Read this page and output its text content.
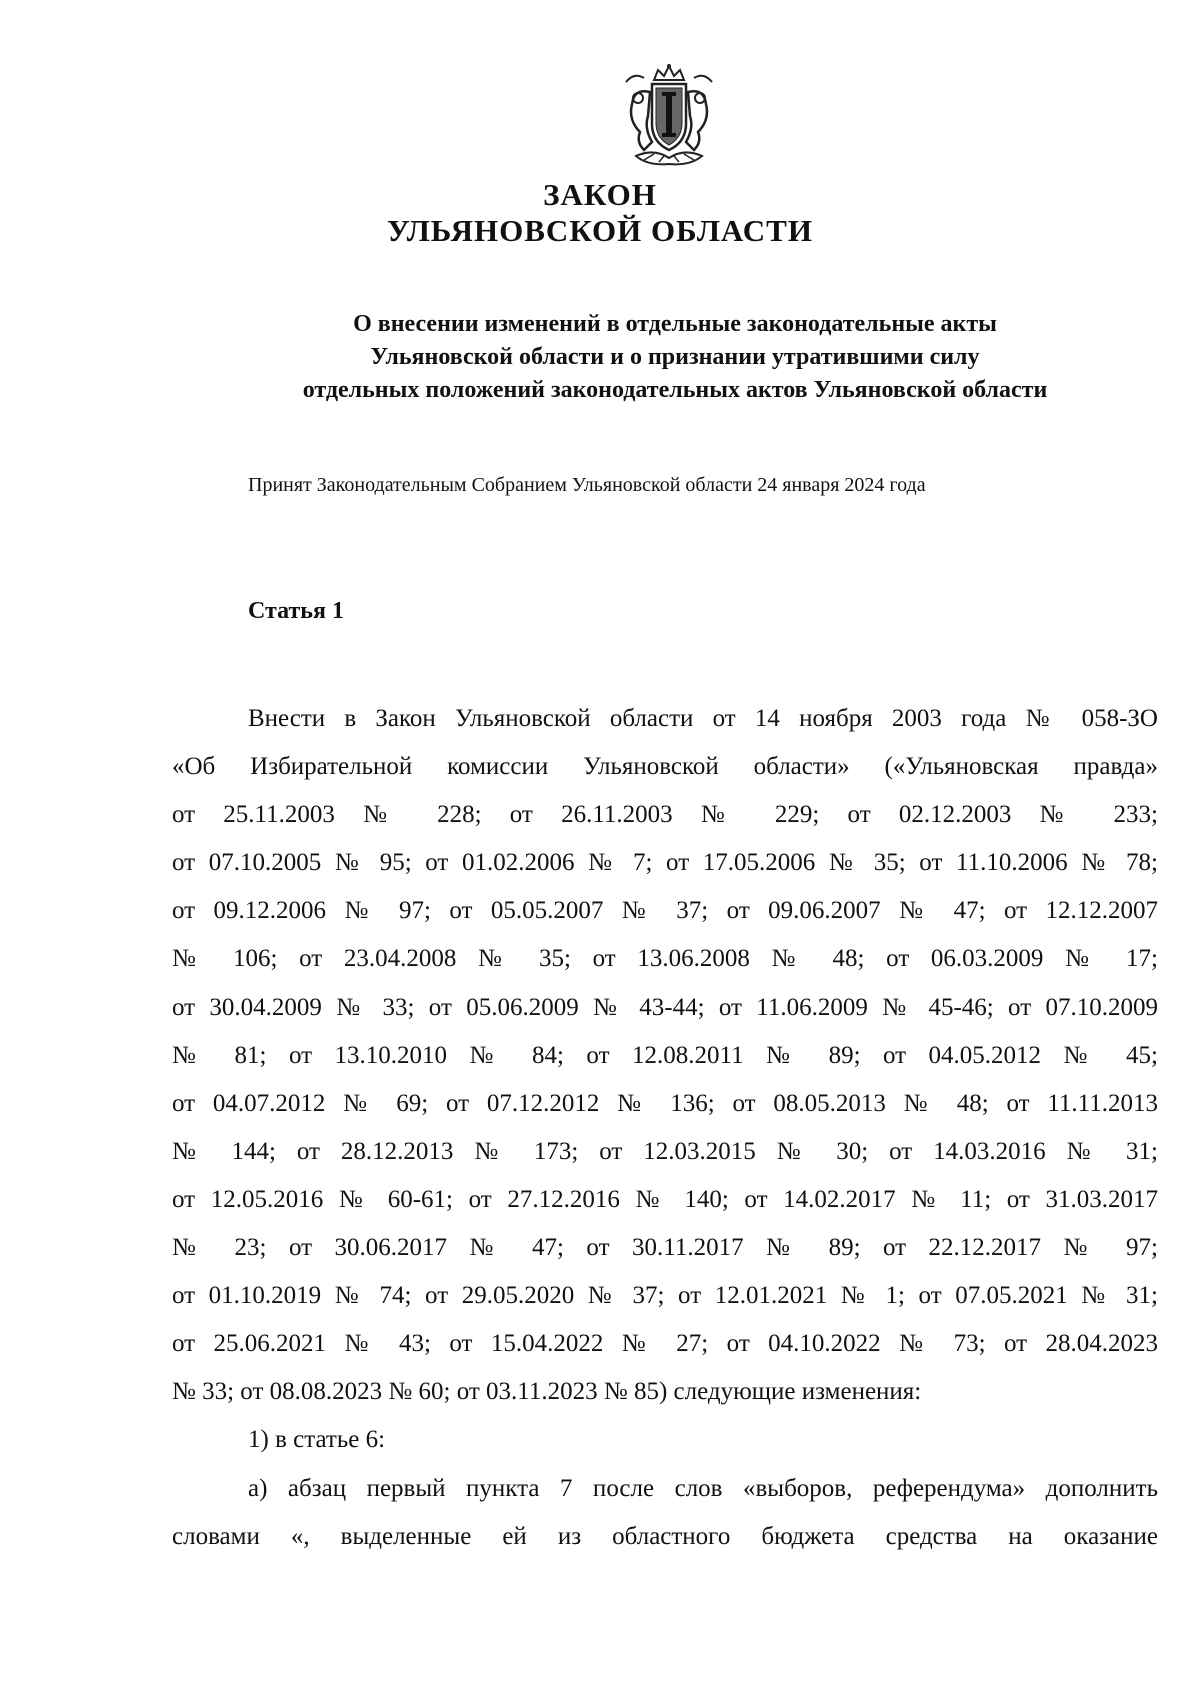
ЗАКОН
УЛЬЯНОВСКОЙ ОБЛАСТИ
О внесении изменений в отдельные законодательные акты
Ульяновской области и о признании утратившими силу
отдельных положений законодательных актов Ульяновской области
Принят Законодательным Собранием Ульяновской области 24 января 2024 года
Статья 1
Внести в Закон Ульяновской области от 14 ноября 2003 года № 058-ЗО
«Об Избирательной комиссии Ульяновской области» («Ульяновская правда»
от 25.11.2003 № 228; от 26.11.2003 № 229; от 02.12.2003 № 233;
от 07.10.2005 № 95; от 01.02.2006 № 7; от 17.05.2006 № 35; от 11.10.2006 № 78;
от 09.12.2006 № 97; от 05.05.2007 № 37; от 09.06.2007 № 47; от 12.12.2007
№ 106; от 23.04.2008 № 35; от 13.06.2008 № 48; от 06.03.2009 № 17;
от 30.04.2009 № 33; от 05.06.2009 № 43-44; от 11.06.2009 № 45-46; от 07.10.2009
№ 81; от 13.10.2010 № 84; от 12.08.2011 № 89; от 04.05.2012 № 45;
от 04.07.2012 № 69; от 07.12.2012 № 136; от 08.05.2013 № 48; от 11.11.2013
№ 144; от 28.12.2013 № 173; от 12.03.2015 № 30; от 14.03.2016 № 31;
от 12.05.2016 № 60-61; от 27.12.2016 № 140; от 14.02.2017 № 11; от 31.03.2017
№ 23; от 30.06.2017 № 47; от 30.11.2017 № 89; от 22.12.2017 № 97;
от 01.10.2019 № 74; от 29.05.2020 № 37; от 12.01.2021 № 1; от 07.05.2021 № 31;
от 25.06.2021 № 43; от 15.04.2022 № 27; от 04.10.2022 № 73; от 28.04.2023
№ 33; от 08.08.2023 № 60; от 03.11.2023 № 85) следующие изменения:
1) в статье 6:
а) абзац первый пункта 7 после слов «выборов, референдума» дополнить
словами «, выделенные ей из областного бюджета средства на оказание
